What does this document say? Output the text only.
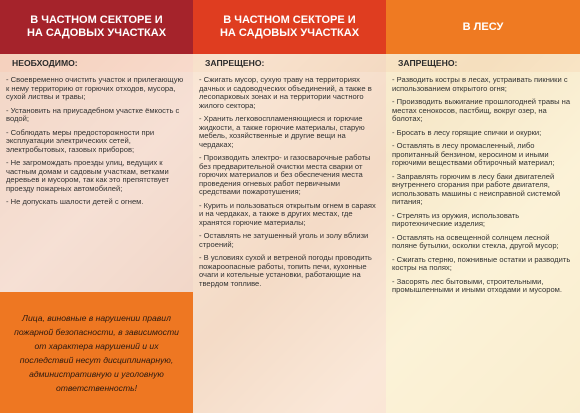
В ЧАСТНОМ СЕКТОРЕ И
НА САДОВЫХ УЧАСТКАХ
НЕОБХОДИМО:
- Своевременно очистить участок и прилегающую к нему территорию от горючих отходов, мусора, сухой листвы и травы;
- Установить на приусадебном участке ёмкость с водой;
- Соблюдать меры предосторожности при эксплуатации электрических сетей, электробытовых, газовых приборов;
- Не загромождать проезды улиц, ведущих к частным домам и садовым участкам, ветками деревьев и мусором, так как это препятствует проезду пожарных автомобилей;
- Не допускать шалости детей с огнем.
Лица, виновные в нарушении правил пожарной безопасности, в зависимости от характера нарушений и их последствий несут дисциплинарную, административную и уголовную ответственность!
В ЧАСТНОМ СЕКТОРЕ И
НА САДОВЫХ УЧАСТКАХ
ЗАПРЕЩЕНО:
- Сжигать мусор, сухую траву на территориях дачных и садоводческих объединений, а также в лесопарковых зонах и на территории частного жилого сектора;
- Хранить легковоспламеняющиеся и горючие жидкости, а также горючие материалы, старую мебель, хозяйственные и другие вещи на чердаках;
- Производить электро- и газосварочные работы без предварительной очистки места сварки от горючих материалов и без обеспечения места проведения огневых работ первичными средствами пожаротушения;
- Курить и пользоваться открытым огнем в сараях и на чердаках, а также в других местах, где хранятся горючие материалы;
- Оставлять не затушенный уголь и золу вблизи строений;
- В условиях сухой и ветреной погоды проводить пожароопасные работы, топить печи, кухонные очаги и котельные установки, работающие на твердом топливе.
В ЛЕСУ
ЗАПРЕЩЕНО:
- Разводить костры в лесах, устраивать пикники с использованием открытого огня;
- Производить выжигание прошлогодней травы на местах сенокосов, пастбищ, вокруг озер, на болотах;
- Бросать в лесу горящие спички и окурки;
- Оставлять в лесу промасленный, либо пропитанный бензином, керосином и иными горючими веществами обтирочный материал;
- Заправлять горючим в лесу баки двигателей внутреннего сгорания при работе двигателя, использовать машины с неисправной системой питания;
- Стрелять из оружия, использовать пиротехнические изделия;
- Оставлять на освещенной солнцем лесной поляне бутылки, осколки стекла, другой мусор;
- Сжигать стерню, пожнивные остатки и разводить костры на полях;
- Засорять лес бытовыми, строительными, промышленными и иными отходами и мусором.
